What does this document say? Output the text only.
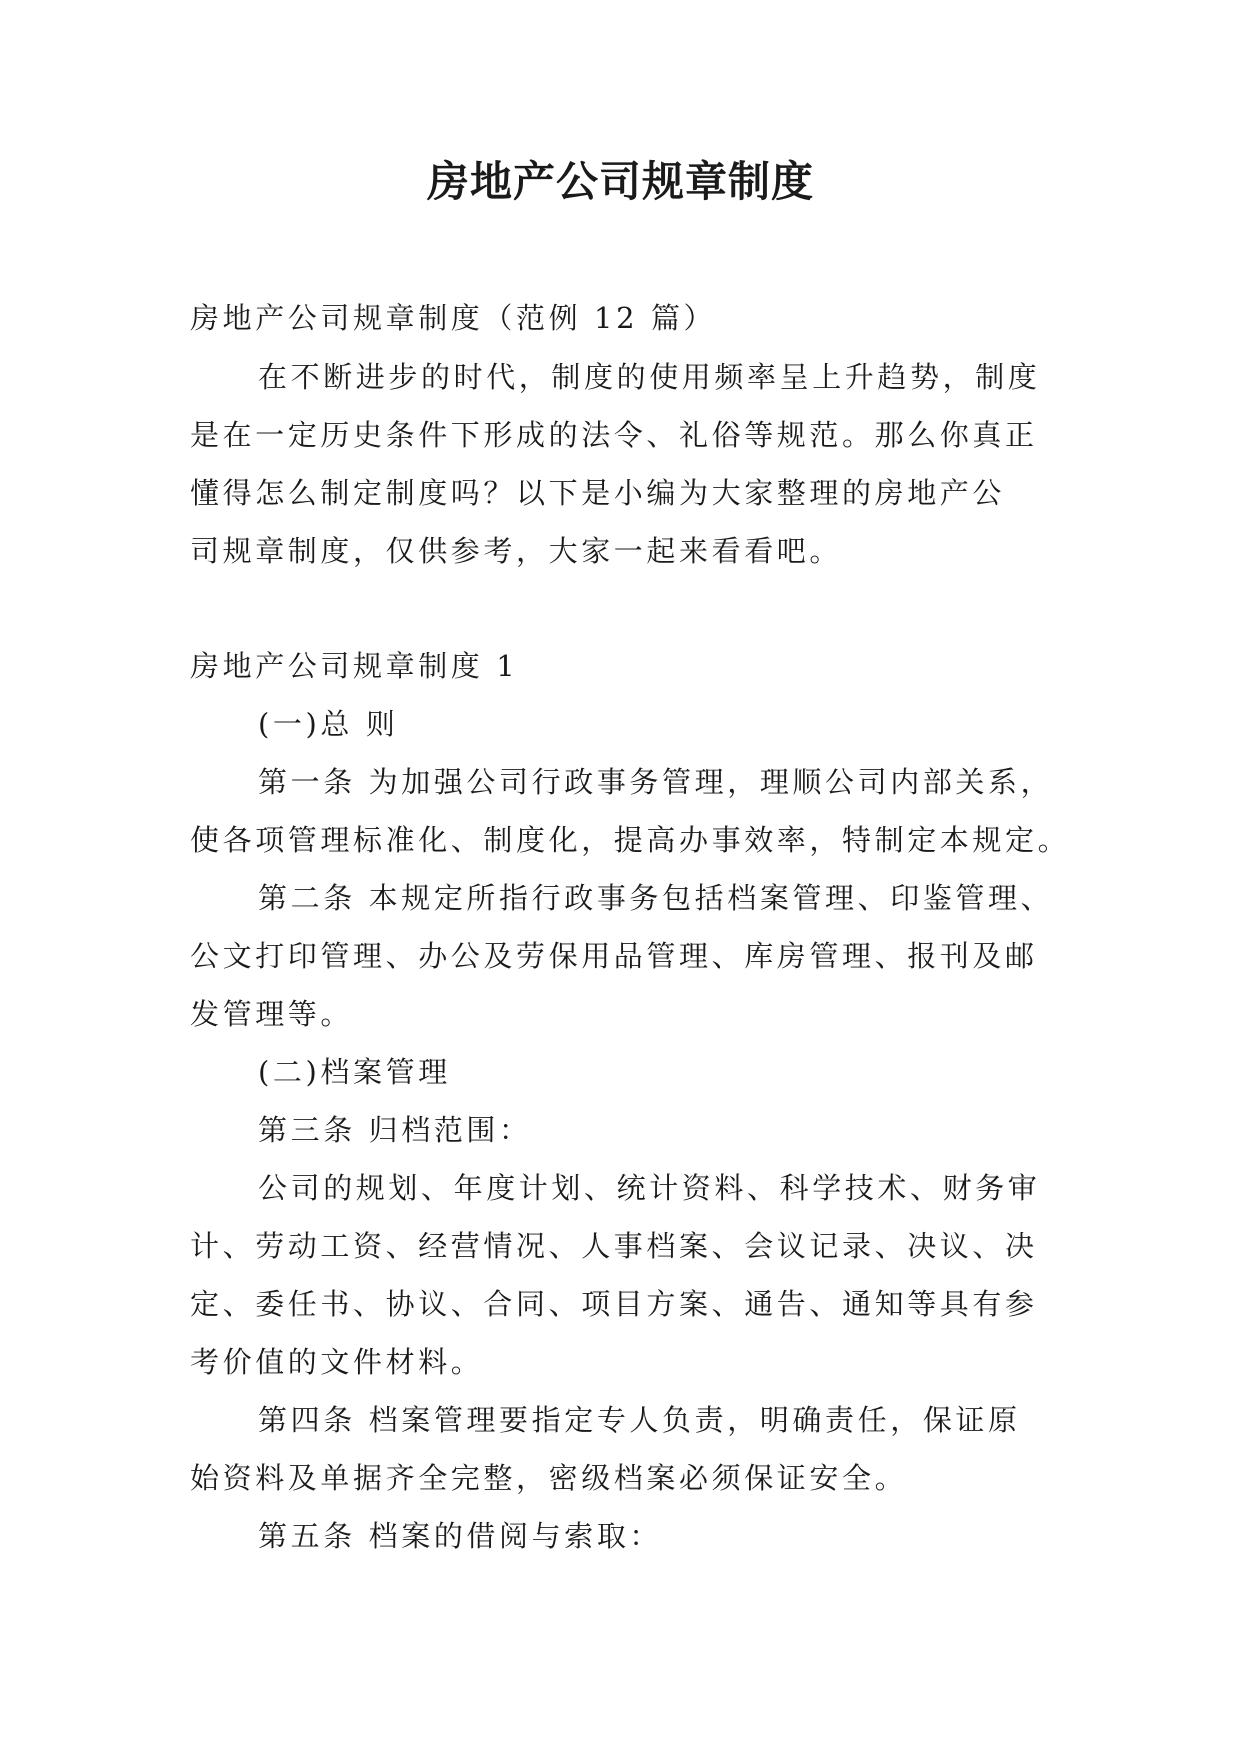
房地产公司规章制度
房地产公司规章制度（范例 12 篇）
在不断进步的时代，制度的使用频率呈上升趋势，制度
是在一定历史条件下形成的法令、礼俗等规范。那么你真正
懂得怎么制定制度吗？以下是小编为大家整理的房地产公
司规章制度，仅供参考，大家一起来看看吧。
房地产公司规章制度 1
(一)总 则
第一条 为加强公司行政事务管理，理顺公司内部关系，
使各项管理标准化、制度化，提高办事效率，特制定本规定。
第二条 本规定所指行政事务包括档案管理、印鉴管理、
公文打印管理、办公及劳保用品管理、库房管理、报刊及邮
发管理等。
(二)档案管理
第三条 归档范围：
公司的规划、年度计划、统计资料、科学技术、财务审
计、劳动工资、经营情况、人事档案、会议记录、决议、决
定、委任书、协议、合同、项目方案、通告、通知等具有参
考价值的文件材料。
第四条 档案管理要指定专人负责，明确责任，保证原
始资料及单据齐全完整，密级档案必须保证安全。
第五条 档案的借阅与索取：
